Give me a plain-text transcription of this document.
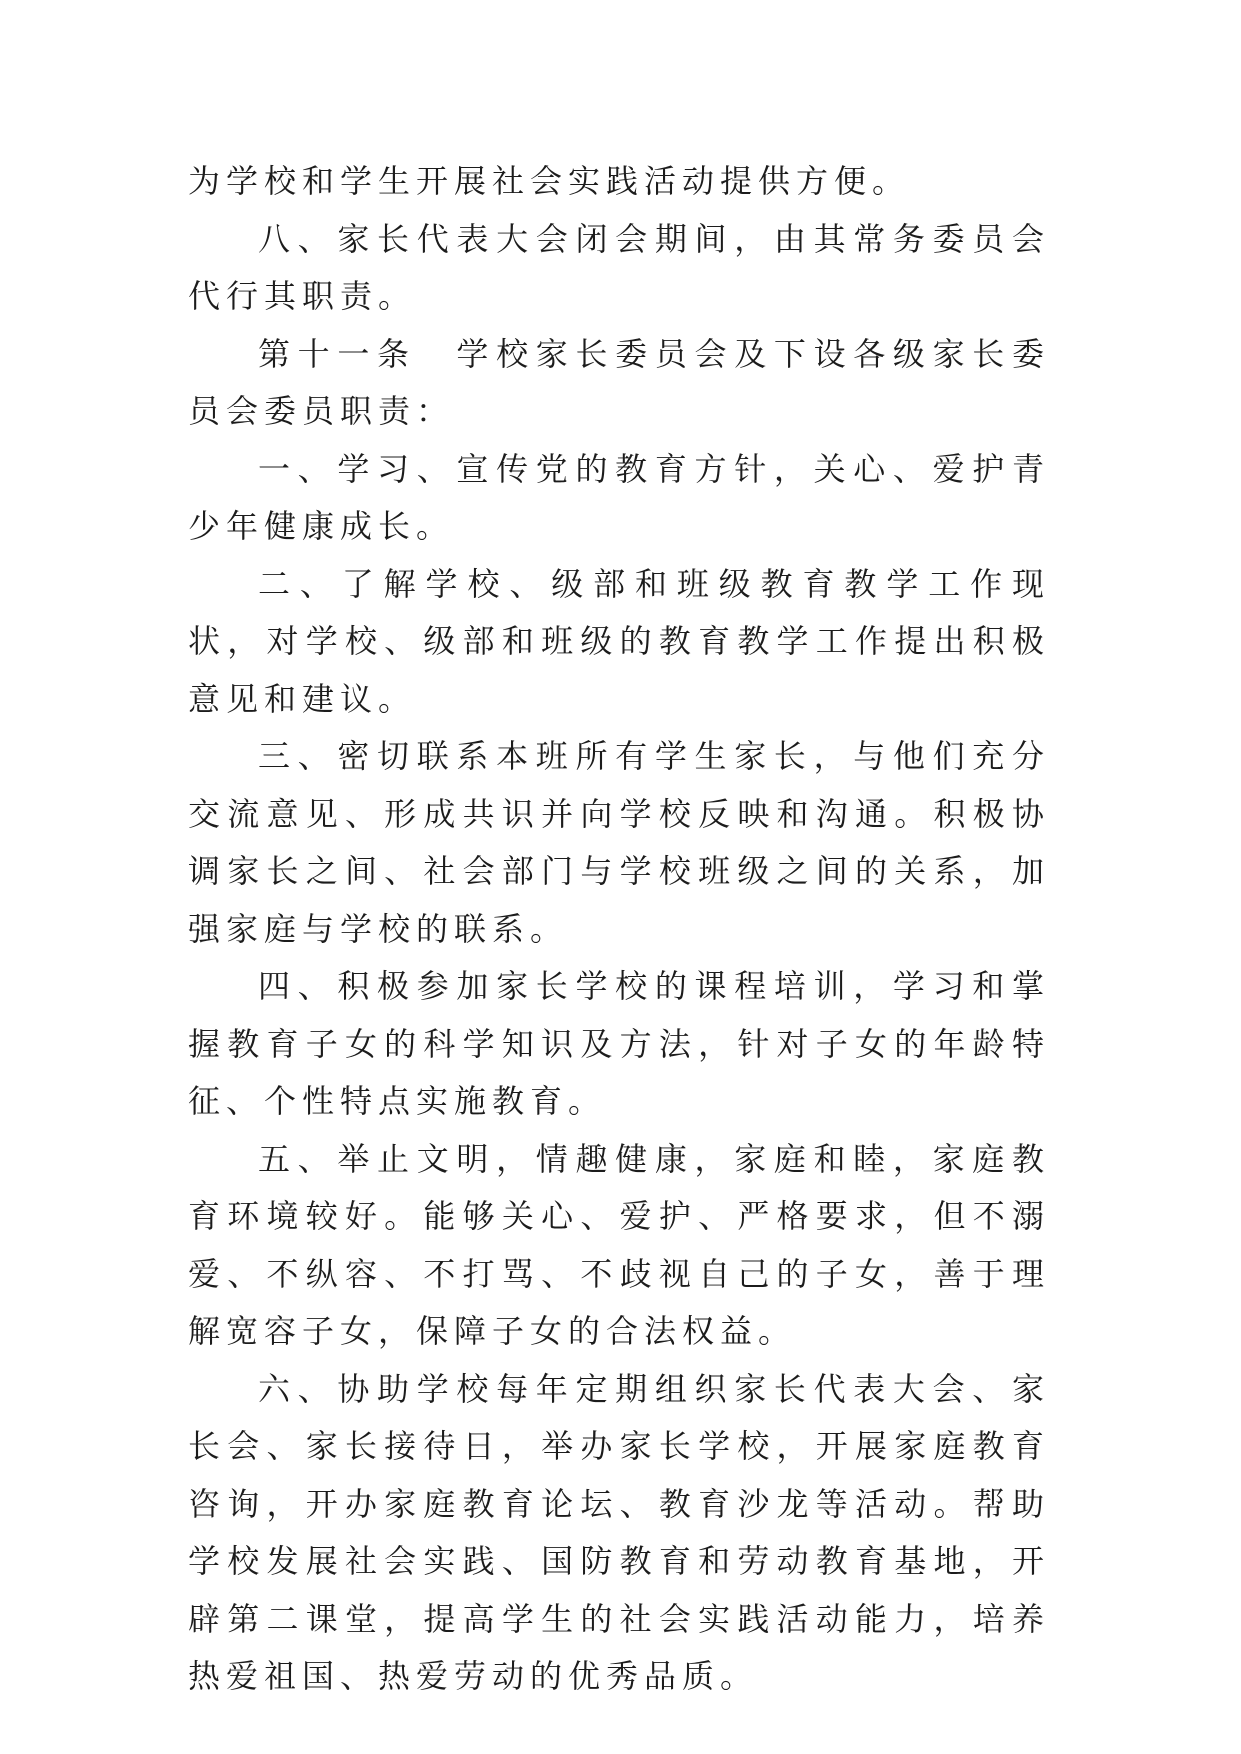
为学校和学生开展社会实践活动提供方便。

八、家长代表大会闭会期间，由其常务委员会代行其职责。

第十一条　学校家长委员会及下设各级家长委员会委员职责：

一、学习、宣传党的教育方针，关心、爱护青少年健康成长。

二、了解学校、级部和班级教育教学工作现状，对学校、级部和班级的教育教学工作提出积极意见和建议。

三、密切联系本班所有学生家长，与他们充分交流意见、形成共识并向学校反映和沟通。积极协调家长之间、社会部门与学校班级之间的关系，加强家庭与学校的联系。

四、积极参加家长学校的课程培训，学习和掌握教育子女的科学知识及方法，针对子女的年龄特征、个性特点实施教育。

五、举止文明，情趣健康，家庭和睦，家庭教育环境较好。能够关心、爱护、严格要求，但不溺爱、不纵容、不打骂、不歧视自己的子女，善于理解宽容子女，保障子女的合法权益。

六、协助学校每年定期组织家长代表大会、家长会、家长接待日，举办家长学校，开展家庭教育咨询，开办家庭教育论坛、教育沙龙等活动。帮助学校发展社会实践、国防教育和劳动教育基地，开辟第二课堂，提高学生的社会实践活动能力，培养热爱祖国、热爱劳动的优秀品质。
